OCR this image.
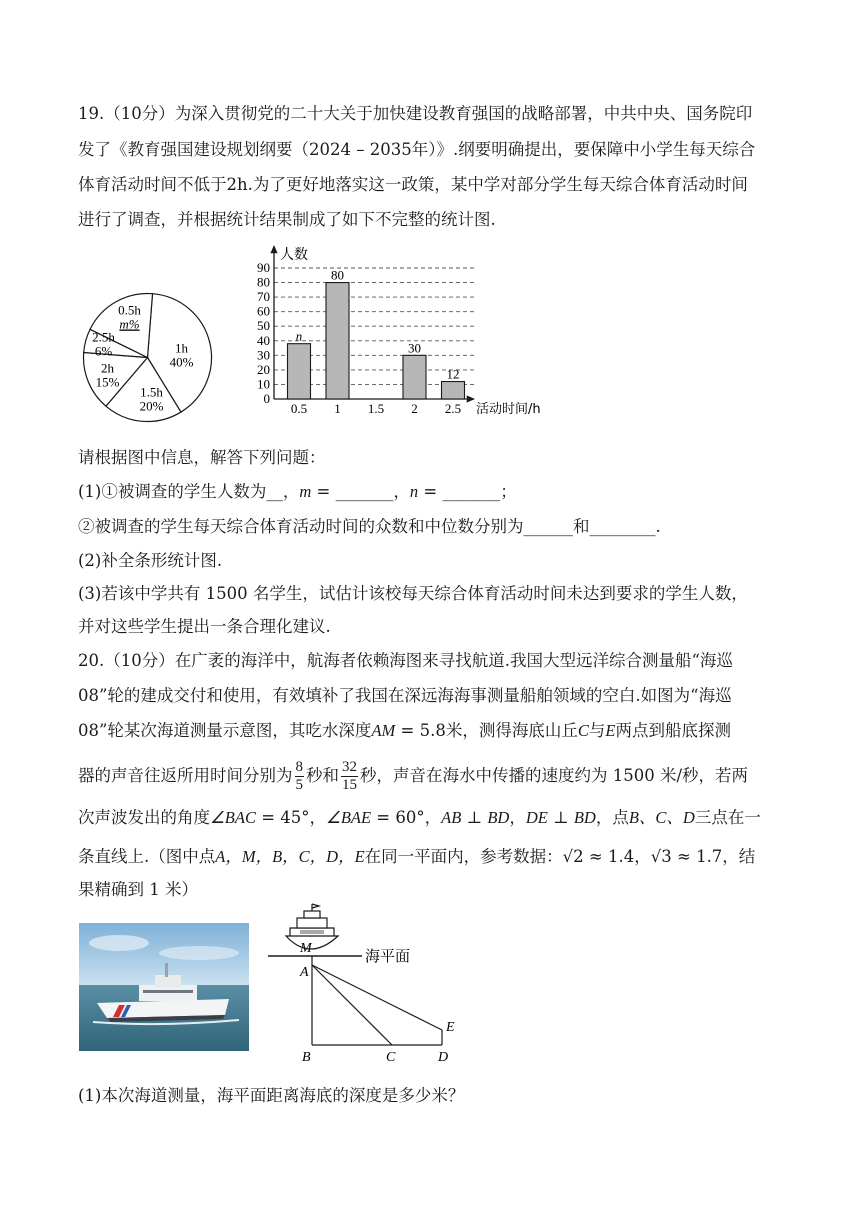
19.（10分）为深入贯彻党的二十大关于加快建设教育强国的战略部署，中共中央、国务院印
发了《教育强国建设规划纲要（2024 – 2035年）》.纲要明确提出，要保障中小学生每天综合
体育活动时间不低于2h.为了更好地落实这一政策，某中学对部分学生每天综合体育活动时间
进行了调查，并根据统计结果制成了如下不完整的统计图.
1h
40%
1.5h
20%
2h
15%
2.5h
6%
0.5h
m%
0
10
20
30
40
50
60
70
80
90
人数
活动时间/h
0.5
n
1
80
1.5 2
30
2.5
12
请根据图中信息，解答下列问题：
(1)①被调查的学生人数为__，m = _______，n = _______；
②被调查的学生每天综合体育活动时间的众数和中位数分别为______和________.
(2)补全条形统计图.
(3)若该中学共有 1500 名学生，试估计该校每天综合体育活动时间未达到要求的学生人数，
并对这些学生提出一条合理化建议.
20.（10分）在广袤的海洋中，航海者依赖海图来寻找航道.我国大型远洋综合测量船“海巡
08”轮的建成交付和使用，有效填补了我国在深远海海事测量船舶领域的空白.如图为“海巡
08”轮某次海道测量示意图，其吃水深度AM = 5.8米，测得海底山丘C与E两点到船底探测
器的声音往返所用时间分别为 $\frac{8}{5}$ 秒和 $\frac{32}{15}$ 秒，声音在海水中传播的速度约为 1500 米/秒，若两
次声波发出的角度∠BAC = 45°，∠BAE = 60°，AB ⊥ BD，DE ⊥ BD，点B、C、D三点在一
条直线上.（图中点A，M，B，C，D，E在同一平面内，参考数据：√2 ≈ 1.4，√3 ≈ 1.7，结
果精确到 1 米）
海平面
M
A
B	C	D
E
(1)本次海道测量，海平面距离海底的深度是多少米？
